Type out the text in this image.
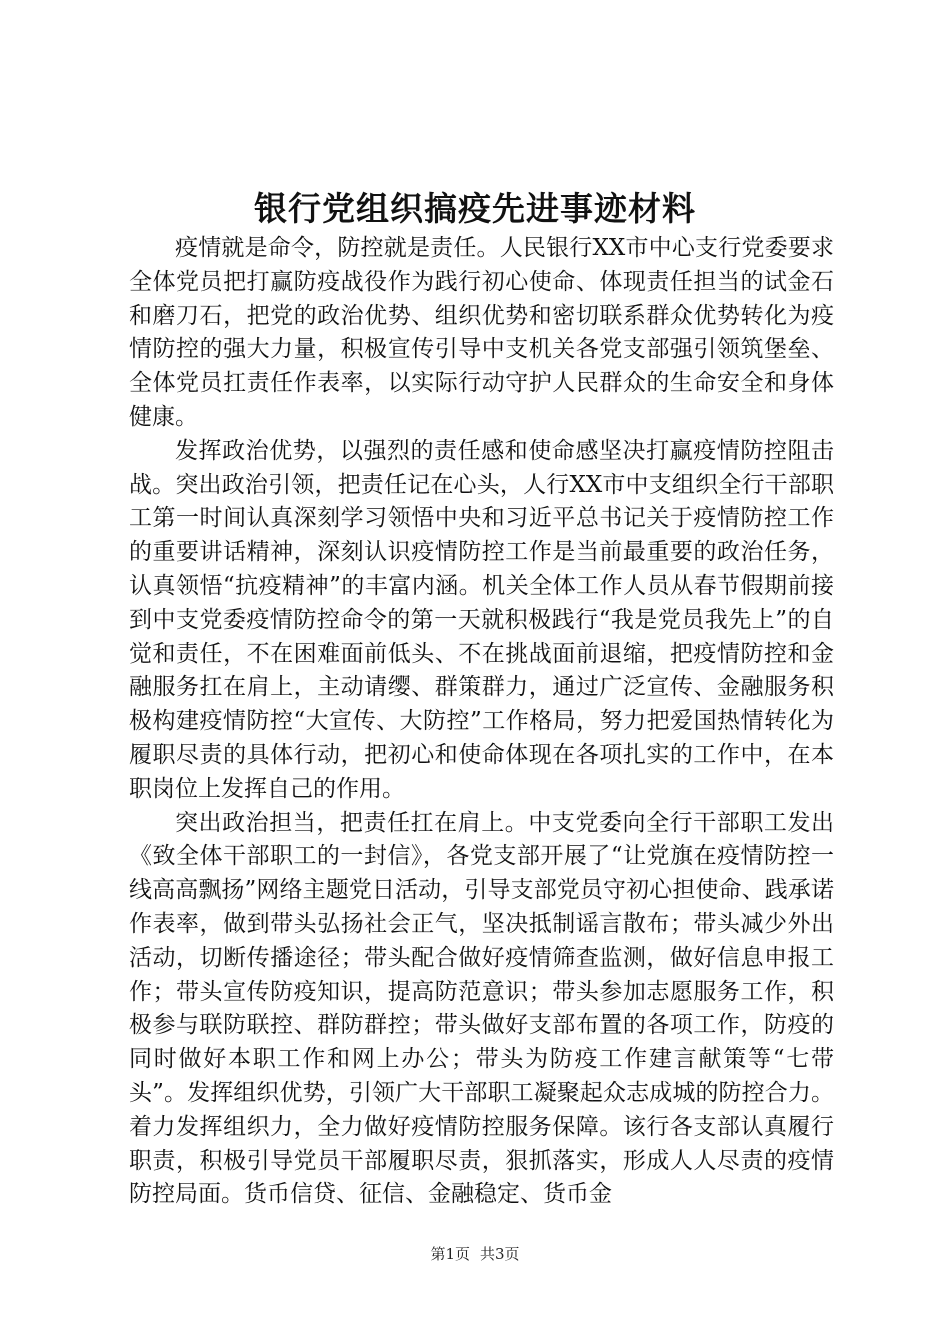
银行党组织搞疫先进事迹材料

疫情就是命令，防控就是责任。人民银行XX市中心支行党委要求全体党员把打赢防疫战役作为践行初心使命、体现责任担当的试金石和磨刀石，把党的政治优势、组织优势和密切联系群众优势转化为疫情防控的强大力量，积极宣传引导中支机关各党支部强引领筑堡垒、全体党员扛责任作表率，以实际行动守护人民群众的生命安全和身体健康。

发挥政治优势，以强烈的责任感和使命感坚决打赢疫情防控阻击战。突出政治引领，把责任记在心头，人行XX市中支组织全行干部职工第一时间认真深刻学习领悟中央和习近平总书记关于疫情防控工作的重要讲话精神，深刻认识疫情防控工作是当前最重要的政治任务，认真领悟“抗疫精神”的丰富内涵。机关全体工作人员从春节假期前接到中支党委疫情防控命令的第一天就积极践行“我是党员我先上”的自觉和责任，不在困难面前低头、不在挑战面前退缩，把疫情防控和金融服务扛在肩上，主动请缨、群策群力，通过广泛宣传、金融服务积极构建疫情防控“大宣传、大防控”工作格局，努力把爱国热情转化为履职尽责的具体行动，把初心和使命体现在各项扎实的工作中，在本职岗位上发挥自己的作用。

突出政治担当，把责任扛在肩上。中支党委向全行干部职工发出《致全体干部职工的一封信》，各党支部开展了“让党旗在疫情防控一线高高飘扬”网络主题党日活动，引导支部党员守初心担使命、践承诺作表率，做到带头弘扬社会正气，坚决抵制谣言散布；带头减少外出活动，切断传播途径；带头配合做好疫情筛查监测，做好信息申报工作；带头宣传防疫知识，提高防范意识；带头参加志愿服务工作，积极参与联防联控、群防群控；带头做好支部布置的各项工作，防疫的同时做好本职工作和网上办公；带头为防疫工作建言献策等“七带头”。发挥组织优势，引领广大干部职工凝聚起众志成城的防控合力。着力发挥组织力，全力做好疫情防控服务保障。该行各支部认真履行职责，积极引导党员干部履职尽责，狠抓落实，形成人人尽责的疫情防控局面。货币信贷、征信、金融稳定、货币金

第1页 共3页
